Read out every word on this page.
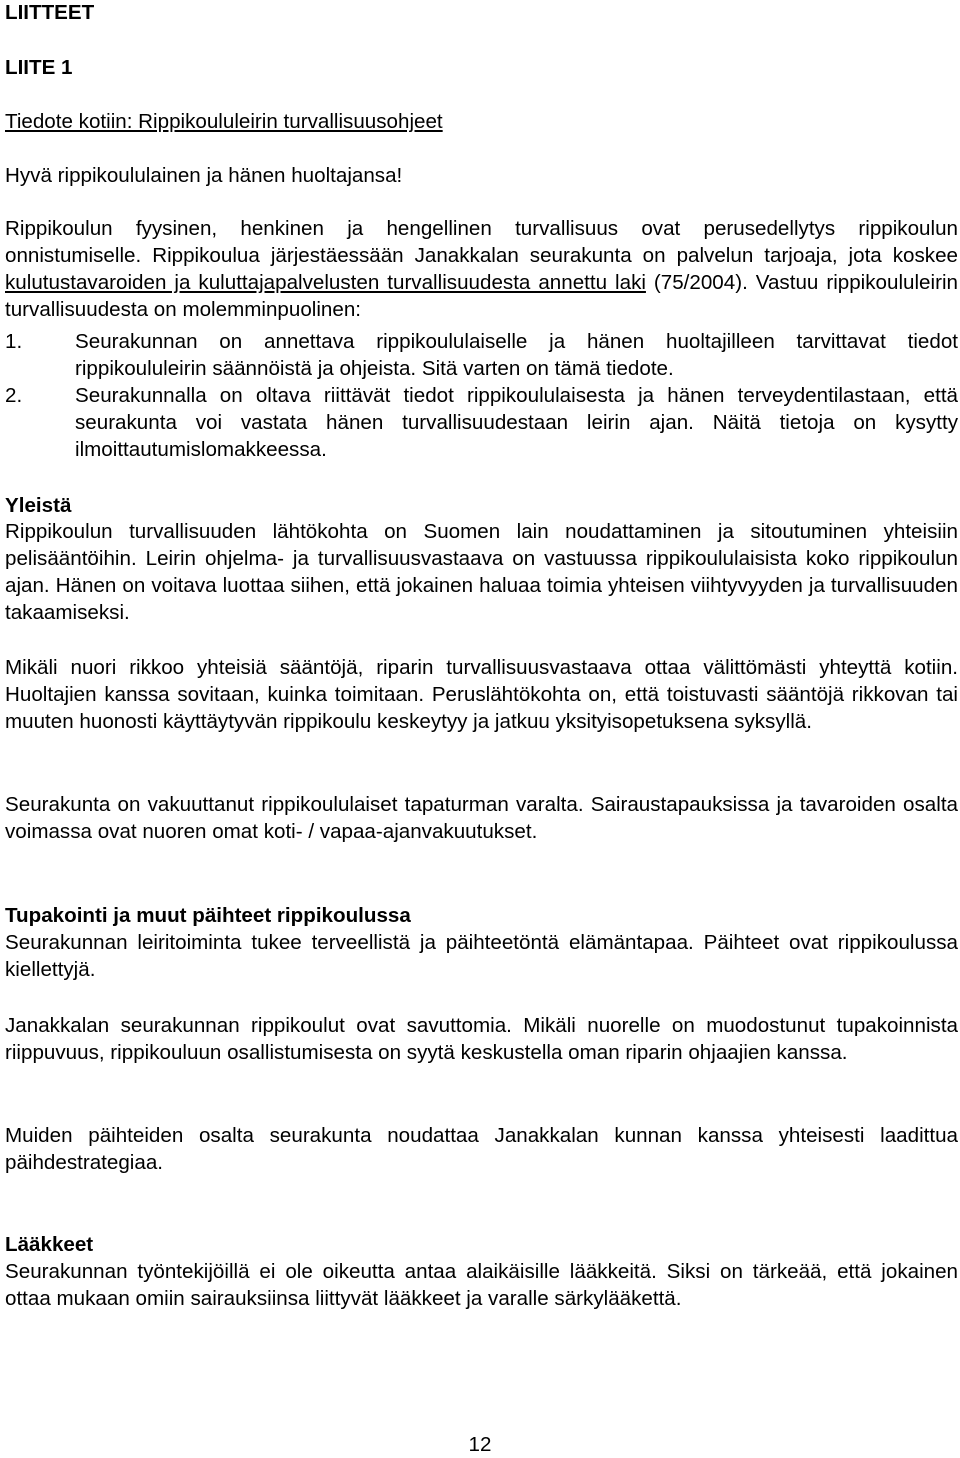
LIITTEET
LIITE 1
Tiedote kotiin: Rippikoululeirin turvallisuusohjeet
Hyvä rippikoululainen ja hänen huoltajansa!

Rippikoulun fyysinen, henkinen ja hengellinen turvallisuus ovat perusedellytys rippikoulun onnistumiselle. Rippikoulua järjestäessään Janakkalan seurakunta on palvelun tarjoaja, jota koskee kulutustavaroiden ja kuluttajapalvelusten turvallisuudesta annettu laki (75/2004). Vastuu rippikoululeirin turvallisuudesta on molemminpuolinen:

1.	Seurakunnan on annettava rippikoululaiselle ja hänen huoltajilleen tarvittavat tiedot rippikoululeirin säännöistä ja ohjeista. Sitä varten on tämä tiedote.
2.	Seurakunnalla on oltava riittävät tiedot rippikoululaisesta ja hänen terveydentilastaan, että seurakunta voi vastata hänen turvallisuudestaan leirin ajan. Näitä tietoja on kysytty ilmoittautumislomakkeessa.
Yleistä

Rippikoulun turvallisuuden lähtökohta on Suomen lain noudattaminen ja sitoutuminen yhteisiin pelisääntöihin. Leirin ohjelma- ja turvallisuusvastaava on vastuussa rippikoululaisista koko rippikoulun ajan. Hänen on voitava luottaa siihen, että jokainen haluaa toimia yhteisen viihtyvyyden ja turvallisuuden takaamiseksi.

Mikäli nuori rikkoo yhteisiä sääntöjä, riparin turvallisuusvastaava ottaa välittömästi yhteyttä kotiin. Huoltajien kanssa sovitaan, kuinka toimitaan. Peruslähtökohta on, että toistuvasti sääntöjä rikkovan tai muuten huonosti käyttäytyvän rippikoulu keskeytyy ja jatkuu yksityisopetuksena syksyllä.

Seurakunta on vakuuttanut rippikoululaiset tapaturman varalta. Sairaustapauksissa ja tavaroiden osalta voimassa ovat nuoren omat koti- / vapaa-ajanvakuutukset.

Tupakointi ja muut päihteet rippikoulussa

Seurakunnan leiritoiminta tukee terveellistä ja päihteetöntä elämäntapaa. Päihteet ovat rippikoulussa kiellettyjä.

Janakkalan seurakunnan rippikoulut ovat savuttomia. Mikäli nuorelle on muodostunut tupakoinnista riippuvuus, rippikouluun osallistumisesta on syytä keskustella oman riparin ohjaajien kanssa.

Muiden päihteiden osalta seurakunta noudattaa Janakkalan kunnan kanssa yhteisesti laadittua päihdestrategiaa.

Lääkkeet

Seurakunnan työntekijöillä ei ole oikeutta antaa alaikäisille lääkkeitä. Siksi on tärkeää, että jokainen ottaa mukaan omiin sairauksiinsa liittyvät lääkkeet ja varalle särkylääkettä.

12
